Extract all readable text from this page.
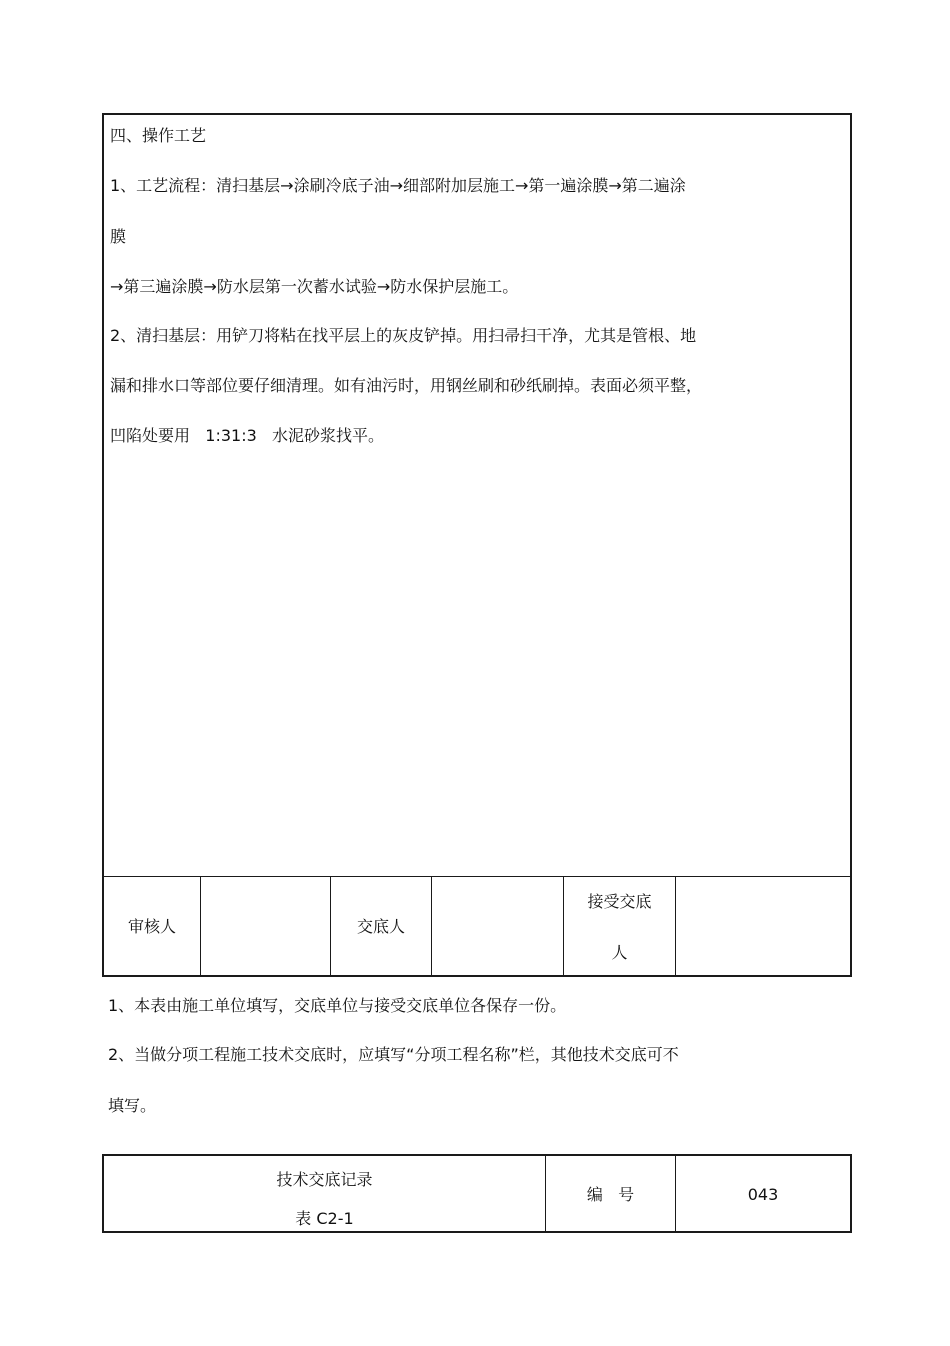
四、操作工艺
1、工艺流程：清扫基层→涂刷冷底子油→细部附加层施工→第一遍涂膜→第二遍涂
膜
→第三遍涂膜→防水层第一次蓄水试验→防水保护层施工。
2、清扫基层：用铲刀将粘在找平层上的灰皮铲掉。用扫帚扫干净，尤其是管根、地
漏和排水口等部位要仔细清理。如有油污时，用钢丝刷和砂纸刷掉。表面必须平整，
凹陷处要用   1:31:3   水泥砂浆找平。
审核人	交底人
接受交底
人
1、本表由施工单位填写，交底单位与接受交底单位各保存一份。
2、当做分项工程施工技术交底时，应填写“分项工程名称”栏，其他技术交底可不
填写。
技术交底记录
表 C2-1
编   号	043
